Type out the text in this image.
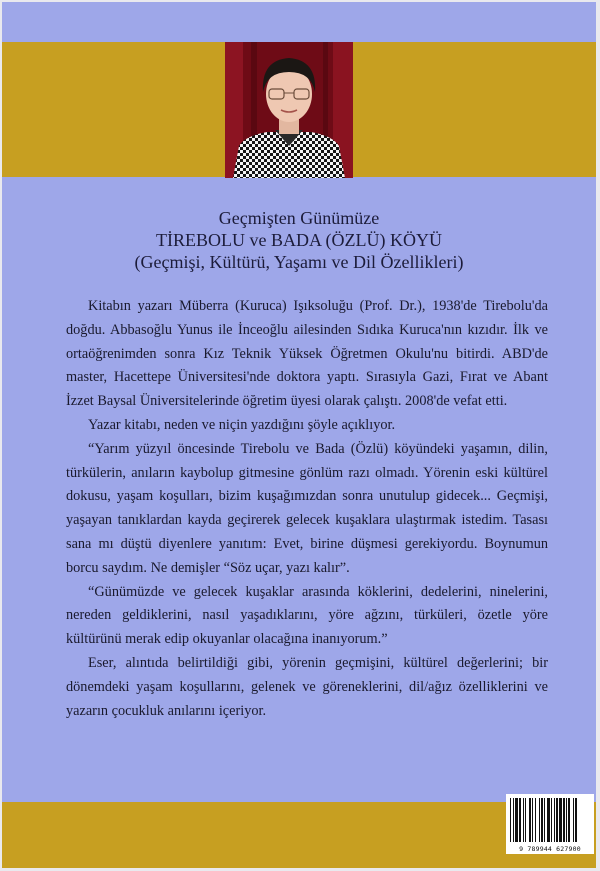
Geçmişten Günümüze
TİREBOLU ve BADA (ÖZLÜ) KÖYÜ
(Geçmişi, Kültürü, Yaşamı ve Dil Özellikleri)

Kitabın yazarı Müberra (Kuruca) Işıksoluğu (Prof. Dr.), 1938'de Tirebolu'da doğdu. Abbasoğlu Yunus ile İnceoğlu ailesinden Sıdıka Kuruca'nın kızıdır. İlk ve ortaöğrenimden sonra Kız Teknik Yüksek Öğretmen Okulu'nu bitirdi. ABD'de master, Hacettepe Üniversitesi'nde doktora yaptı. Sırasıyla Gazi, Fırat ve Abant İzzet Baysal Üniversitelerinde öğretim üyesi olarak çalıştı. 2008'de vefat etti.

Yazar kitabı, neden ve niçin yazdığını şöyle açıklıyor.

“Yarım yüzyıl öncesinde Tirebolu ve Bada (Özlü) köyündeki yaşamın, dilin, türkülerin, anıların kaybolup gitmesine gönlüm razı olmadı. Yörenin eski kültürel dokusu, yaşam koşulları, bizim kuşağımızdan sonra unutulup gidecek... Geçmişi, yaşayan tanıklardan kayda geçirerek gelecek kuşaklara ulaştırmak istedim. Tasası sana mı düştü diyenlere yanıtım: Evet, birine düşmesi gerekiyordu. Boynumun borcu saydım. Ne demişler “Söz uçar, yazı kalır”.

“Günümüzde ve gelecek kuşaklar arasında köklerini, dedelerini, ninelerini, nereden geldiklerini, nasıl yaşadıklarını, yöre ağzını, türküleri, özetle yöre kültürünü merak edip okuyanlar olacağına inanıyorum.”

Eser, alıntıda belirtildiği gibi, yörenin geçmişini, kültürel değerlerini; bir dönemdeki yaşam koşullarını, gelenek ve göreneklerini, dil/ağız özelliklerini ve yazarın çocukluk anılarını içeriyor.

9 789944 627900
